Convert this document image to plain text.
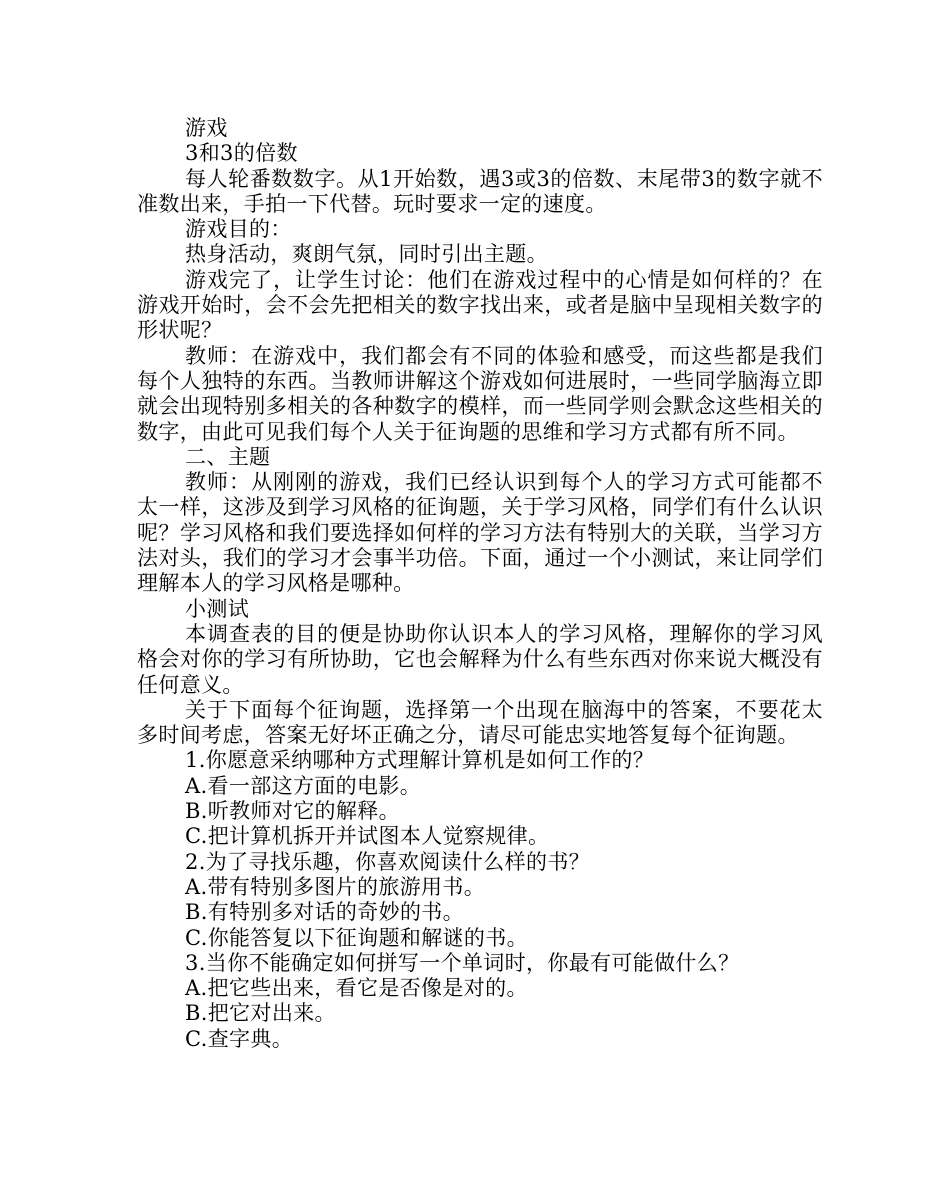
游戏

3和3的倍数

每人轮番数数字。从1开始数，遇3或3的倍数、末尾带3的数字就不准数出来，手拍一下代替。玩时要求一定的速度。

游戏目的：

热身活动，爽朗气氛，同时引出主题。

游戏完了，让学生讨论：他们在游戏过程中的心情是如何样的？在游戏开始时，会不会先把相关的数字找出来，或者是脑中呈现相关数字的形状呢？

教师：在游戏中，我们都会有不同的体验和感受，而这些都是我们每个人独特的东西。当教师讲解这个游戏如何进展时，一些同学脑海立即就会出现特别多相关的各种数字的模样，而一些同学则会默念这些相关的数字，由此可见我们每个人关于征询题的思维和学习方式都有所不同。

二、主题

教师：从刚刚的游戏，我们已经认识到每个人的学习方式可能都不太一样，这涉及到学习风格的征询题，关于学习风格，同学们有什么认识呢？学习风格和我们要选择如何样的学习方法有特别大的关联，当学习方法对头，我们的学习才会事半功倍。下面，通过一个小测试，来让同学们理解本人的学习风格是哪种。

小测试

本调查表的目的便是协助你认识本人的学习风格，理解你的学习风格会对你的学习有所协助，它也会解释为什么有些东西对你来说大概没有任何意义。

关于下面每个征询题，选择第一个出现在脑海中的答案，不要花太多时间考虑，答案无好坏正确之分，请尽可能忠实地答复每个征询题。

1.你愿意采纳哪种方式理解计算机是如何工作的？

A.看一部这方面的电影。

B.听教师对它的解释。

C.把计算机拆开并试图本人觉察规律。

2.为了寻找乐趣，你喜欢阅读什么样的书？

A.带有特别多图片的旅游用书。

B.有特别多对话的奇妙的书。

C.你能答复以下征询题和解谜的书。

3.当你不能确定如何拼写一个单词时，你最有可能做什么？

A.把它些出来，看它是否像是对的。

B.把它对出来。

C.查字典。
